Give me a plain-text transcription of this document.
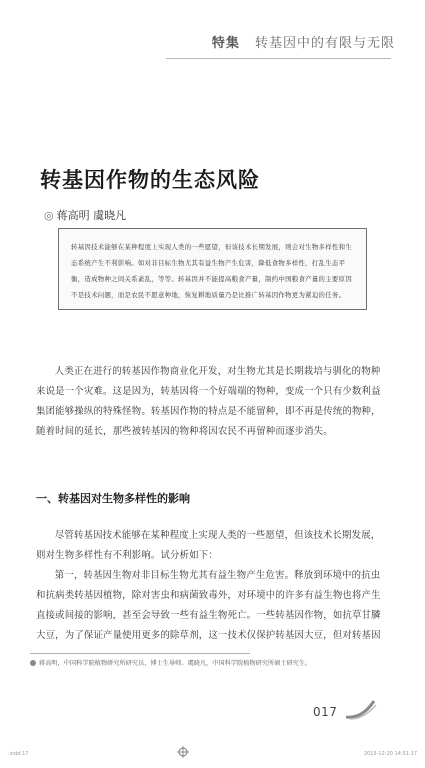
特集 转基因中的有限与无限
转基因作物的生态风险
◎ 蒋高明 虞晓凡
转基因技术能够在某种程度上实现人类的一些愿望，但该技术长期发展，则会对生物多样性和生态系统产生不利影响。如对非目标生物尤其有益生物产生危害，降低食物多样性，打乱生态平衡，造成物种之间关系紊乱，等等。转基因并不能提高粮食产量，制约中国粮食产量的主要原因不是技术问题，而是农民不愿意种地，恢复耕地质量乃是比推广转基因作物更为紧迫的任务。

人类正在进行的转基因作物商业化开发，对生物尤其是长期栽培与驯化的物种来说是一个灾难。这是因为，转基因将一个好端端的物种，变成一个只有少数利益集团能够操纵的特殊怪物。转基因作物的特点是不能留种，即不再是传统的物种，随着时间的延长，那些被转基因的物种将因农民不再留种而逐步消失。

一、转基因对生物多样性的影响

尽管转基因技术能够在某种程度上实现人类的一些愿望，但该技术长期发展，则对生物多样性有不利影响。试分析如下：

第一，转基因生物对非目标生物尤其有益生物产生危害。释放到环境中的抗虫和抗病类转基因植物，除对害虫和病菌致毒外，对环境中的许多有益生物也将产生

直接或间接的影响，甚至会导致一些有益生物死亡。一些转基因作物，如抗草甘膦大豆，为了保证产量使用更多的除草剂，这一技术仅保护转基因大豆，但对转基因

蒋高明，中国科学院植物研究所研究员，博士生导师。虞晓凡，中国科学院植物研究所硕士研究生。
017
.indd 17	2013-12-20 14:51:17
